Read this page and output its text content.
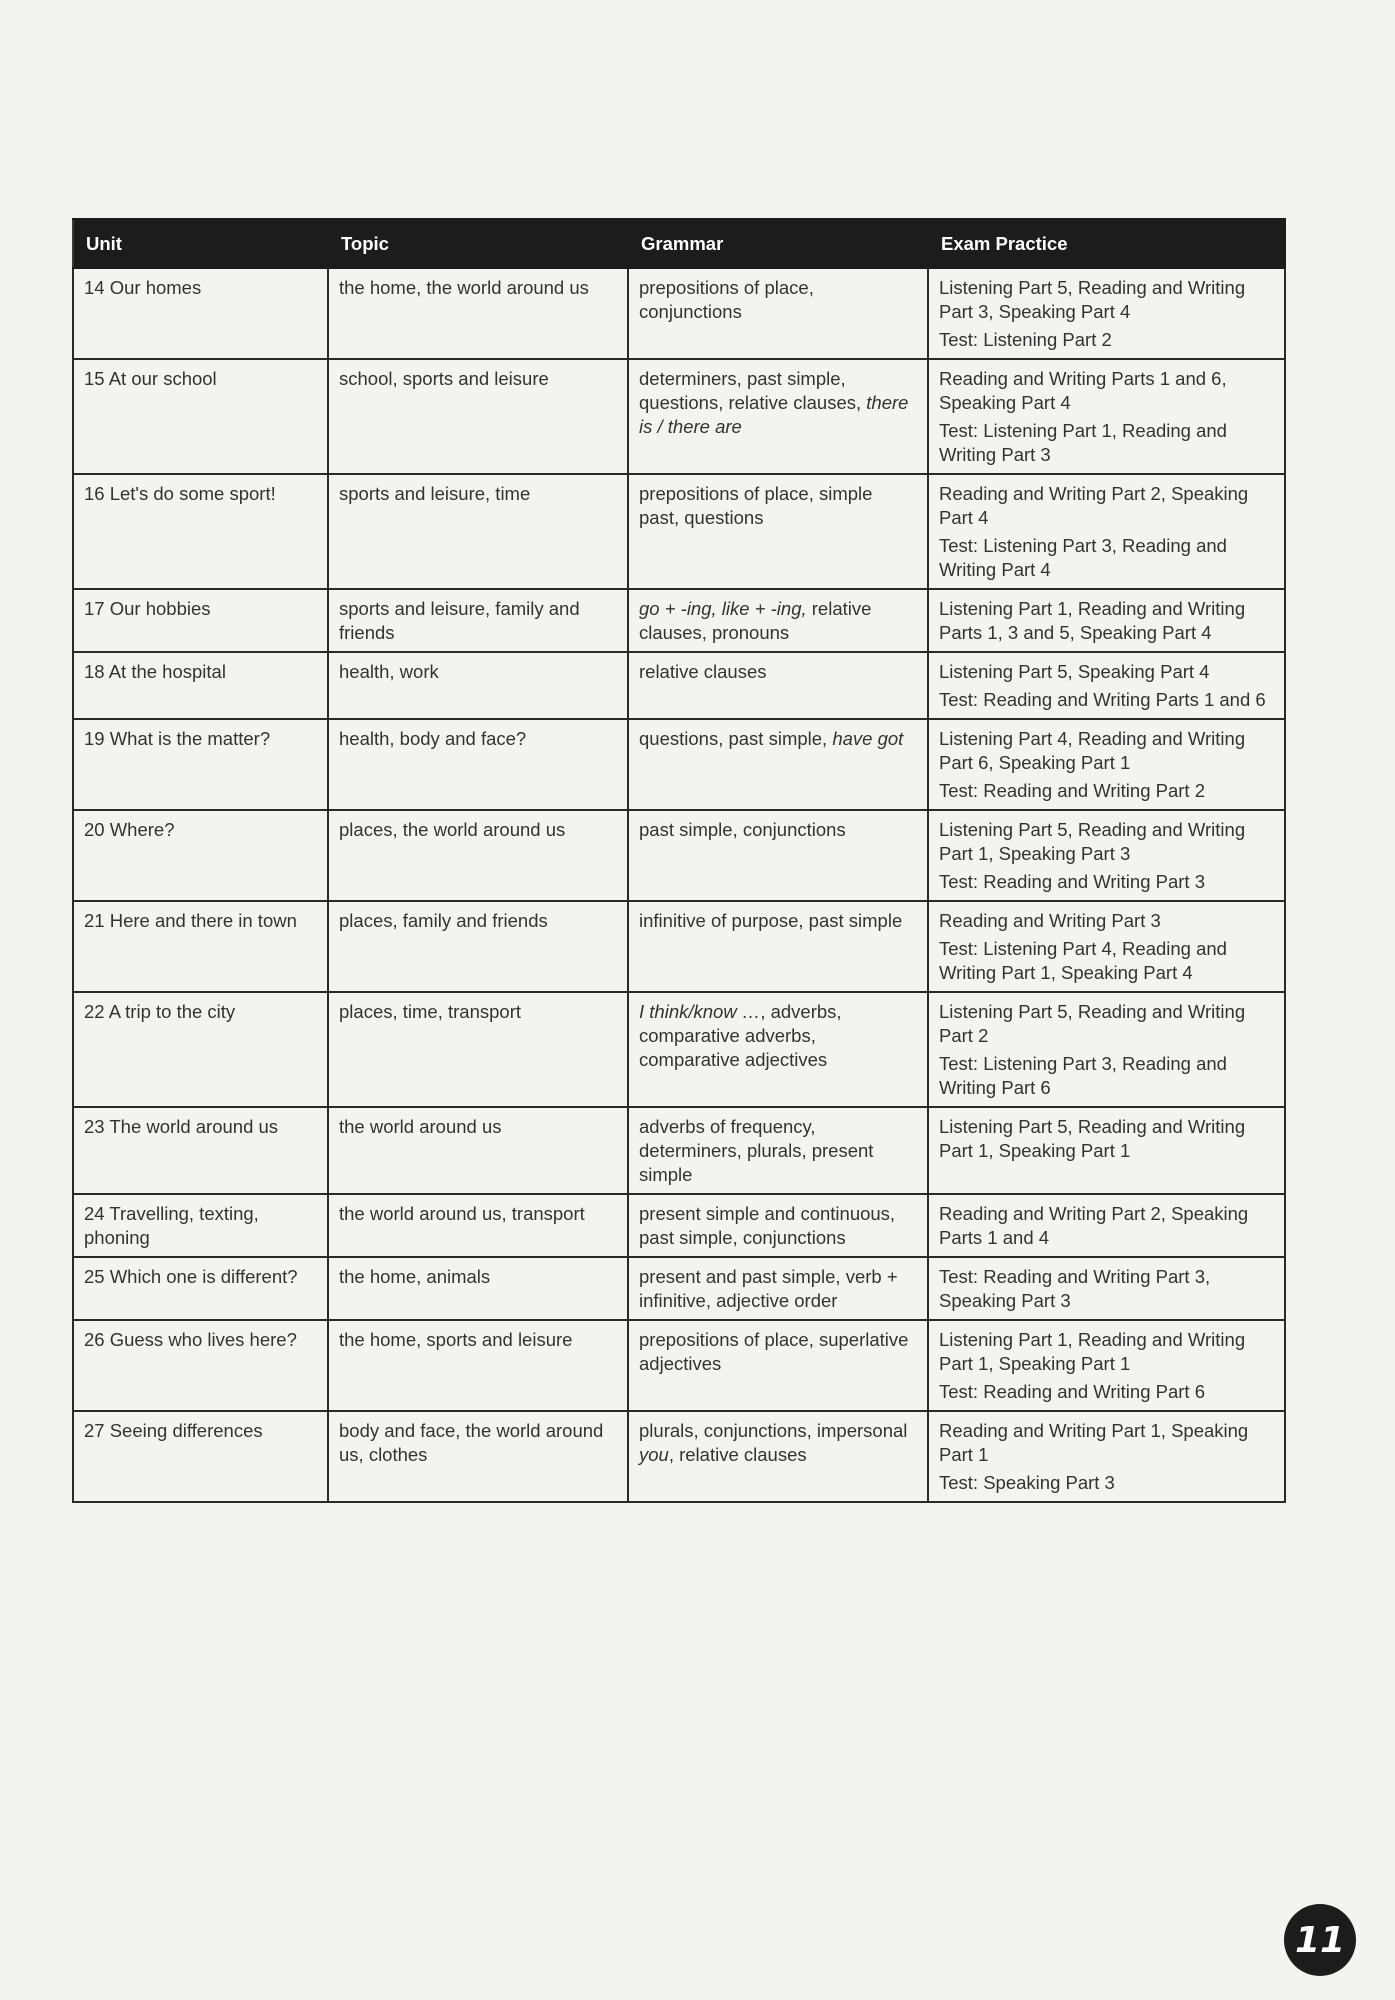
Unit	Topic	Grammar	Exam Practice
14 Our homes	the home, the world around us	prepositions of place, conjunctions	Listening Part 5, Reading and Writing Part 3, Speaking Part 4
Test: Listening Part 2

15 At our school	school, sports and leisure	determiners, past simple, questions, relative clauses, there is / there are	Reading and Writing Parts 1 and 6, Speaking Part 4
Test: Listening Part 1, Reading and Writing Part 3

16 Let's do some sport!	sports and leisure, time	prepositions of place, simple past, questions	Reading and Writing Part 2, Speaking Part 4
Test: Listening Part 3, Reading and Writing Part 4

17 Our hobbies	sports and leisure, family and friends	go + -ing, like + -ing, relative clauses, pronouns	Listening Part 1, Reading and Writing Parts 1, 3 and 5, Speaking Part 4

18 At the hospital	health, work	relative clauses	Listening Part 5, Speaking Part 4
Test: Reading and Writing Parts 1 and 6

19 What is the matter?	health, body and face?	questions, past simple, have got	Listening Part 4, Reading and Writing Part 6, Speaking Part 1
Test: Reading and Writing Part 2

20 Where?	places, the world around us	past simple, conjunctions	Listening Part 5, Reading and Writing Part 1, Speaking Part 3
Test: Reading and Writing Part 3

21 Here and there in town	places, family and friends	infinitive of purpose, past simple	Reading and Writing Part 3
Test: Listening Part 4, Reading and Writing Part 1, Speaking Part 4

22 A trip to the city	places, time, transport	I think/know …, adverbs, comparative adverbs, comparative adjectives	Listening Part 5, Reading and Writing Part 2
Test: Listening Part 3, Reading and Writing Part 6

23 The world around us	the world around us	adverbs of frequency, determiners, plurals, present simple	Listening Part 5, Reading and Writing Part 1, Speaking Part 1

24 Travelling, texting, phoning	the world around us, transport	present simple and continuous, past simple, conjunctions	Reading and Writing Part 2, Speaking Parts 1 and 4

25 Which one is different?	the home, animals	present and past simple, verb + infinitive, adjective order	Test: Reading and Writing Part 3, Speaking Part 3

26 Guess who lives here?	the home, sports and leisure	prepositions of place, superlative adjectives	Listening Part 1, Reading and Writing Part 1, Speaking Part 1
Test: Reading and Writing Part 6

27 Seeing differences	body and face, the world around us, clothes	plurals, conjunctions, impersonal you, relative clauses	Reading and Writing Part 1, Speaking Part 1
Test: Speaking Part 3
11
